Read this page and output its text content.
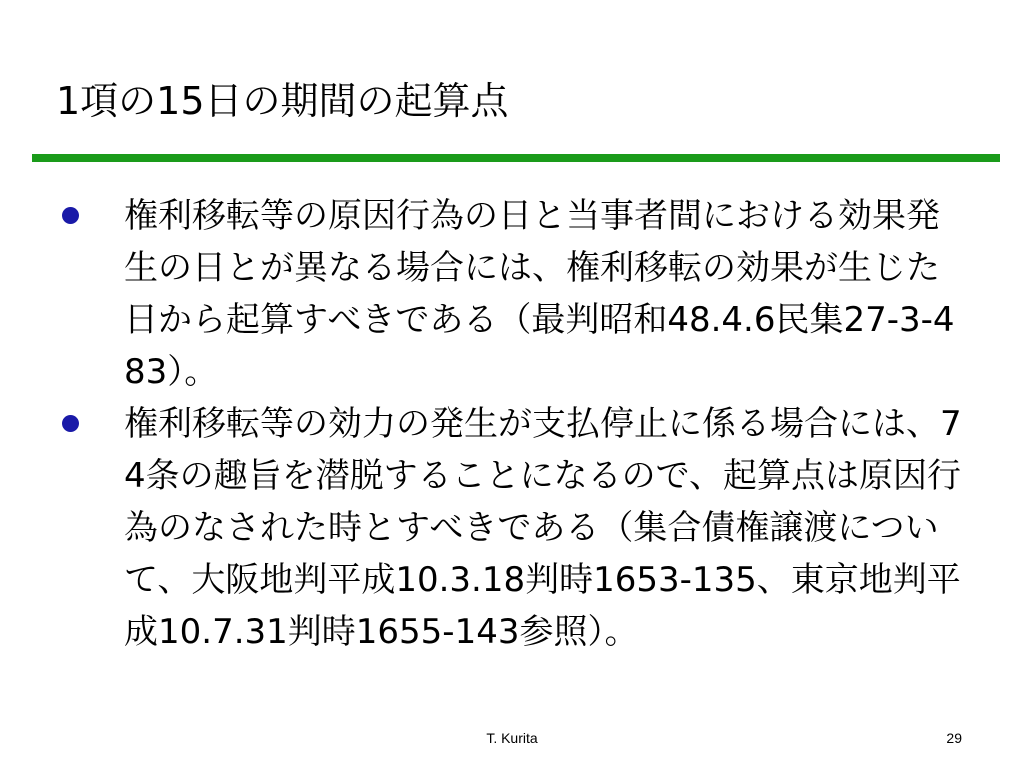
1項の15日の期間の起算点
権利移転等の原因行為の日と当事者間における効果発生の日とが異なる場合には、権利移転の効果が生じた日から起算すべきである（最判昭和48.4.6民集27-3-483）。
権利移転等の効力の発生が支払停止に係る場合には、74条の趣旨を潜脱することになるので、起算点は原因行為のなされた時とすべきである（集合債権譲渡について、大阪地判平成10.3.18判時1653-135、東京地判平成10.7.31判時1655-143参照）。
T. Kurita	29
